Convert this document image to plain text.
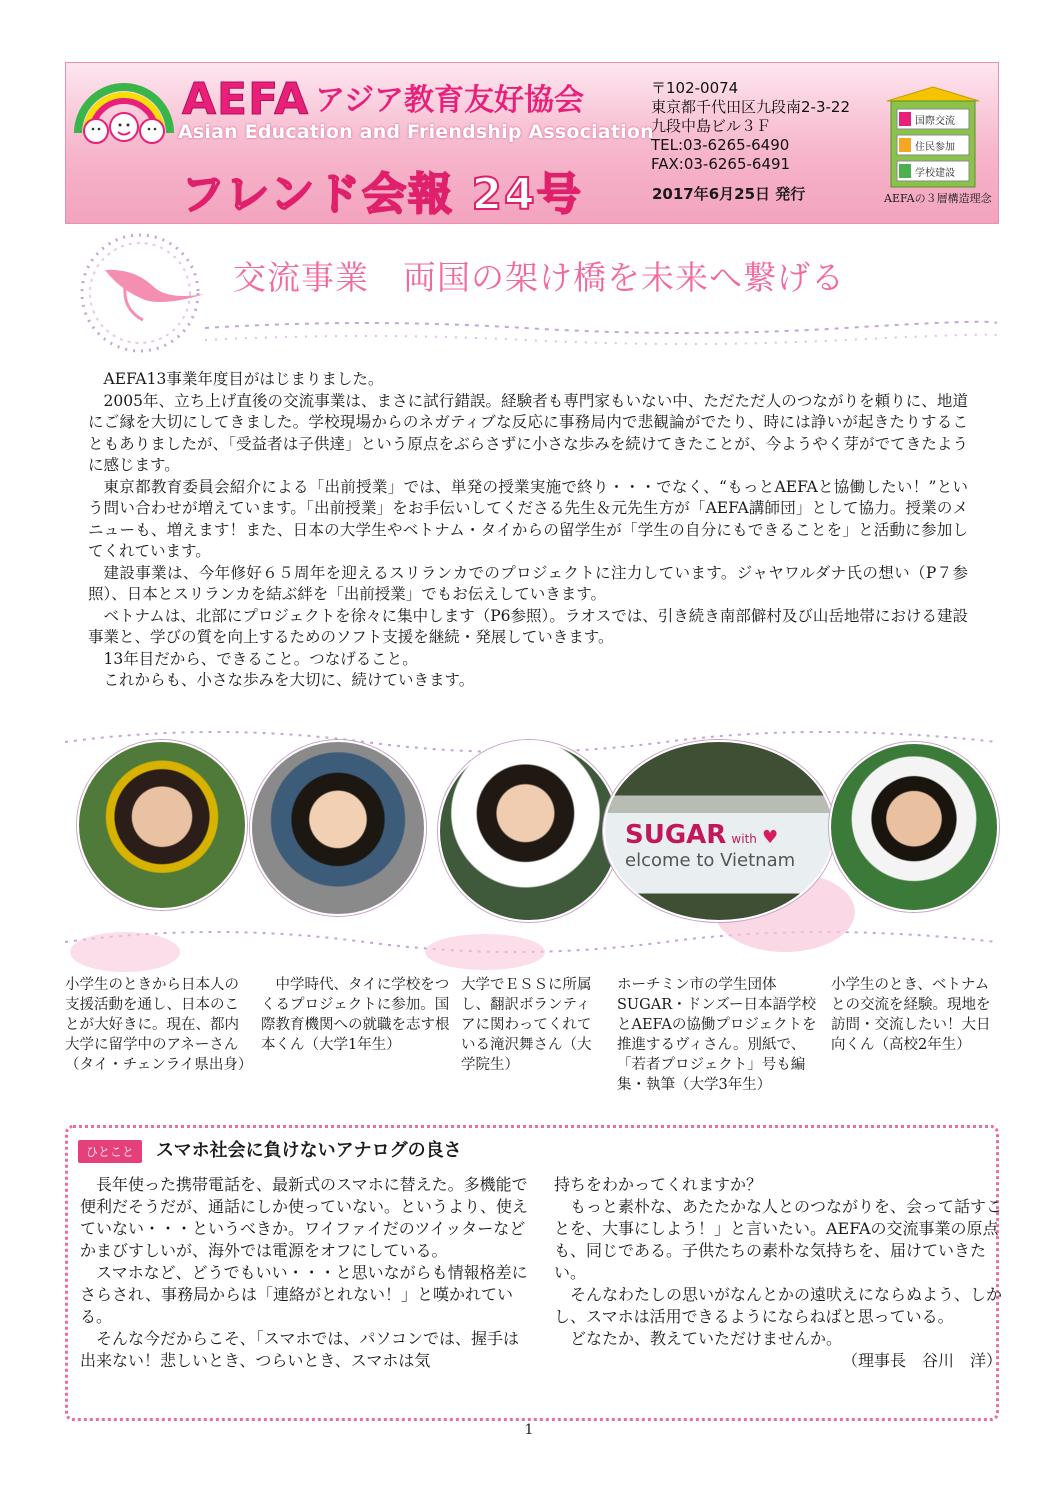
AEFA アジア教育友好協会
Asian Education and Friendship Association
フレンド会報 24号
〒102-0074
東京都千代田区九段南2-3-22
九段中島ビル３Ｆ
TEL:03-6265-6490
FAX:03-6265-6491
2017年6月25日 発行
国際交流
住民参加
学校建設
AEFAの３層構造理念
交流事業　両国の架け橋を未来へ繋げる

AEFA13事業年度目がはじまりました。

2005年、立ち上げ直後の交流事業は、まさに試行錯誤。経験者も専門家もいない中、ただただ人のつながりを頼りに、地道にご縁を大切にしてきました。学校現場からのネガティブな反応に事務局内で悲観論がでたり、時には諍いが起きたりすることもありましたが、「受益者は子供達」という原点をぶらさずに小さな歩みを続けてきたことが、今ようやく芽がでてきたように感じます。

東京都教育委員会紹介による「出前授業」では、単発の授業実施で終り・・・でなく、“もっとAEFAと協働したい！”という問い合わせが増えています。「出前授業」をお手伝いしてくださる先生＆元先生方が「AEFA講師団」として協力。授業のメニューも、増えます！また、日本の大学生やベトナム・タイからの留学生が「学生の自分にもできることを」と活動に参加してくれています。

建設事業は、今年修好６５周年を迎えるスリランカでのプロジェクトに注力しています。ジャヤワルダナ氏の想い（P７参照）、日本とスリランカを結ぶ絆を「出前授業」でもお伝えしていきます。

ベトナムは、北部にプロジェクトを徐々に集中します（P6参照）。ラオスでは、引き続き南部僻村及び山岳地帯における建設事業と、学びの質を向上するためのソフト支援を継続・発展していきます。

13年目だから、できること。つなげること。

これからも、小さな歩みを大切に、続けていきます。

SUGAR with ♥
elcome to Vietnam
小学生のときから日本人の支援活動を通し、日本のことが大好きに。現在、都内大学に留学中のアネーさん（タイ・チェンライ県出身）
中学時代、タイに学校をつくるプロジェクトに参加。国際教育機関への就職を志す根本くん（大学1年生）
大学でＥＳＳに所属し、翻訳ボランティアに関わってくれている滝沢舞さん（大学院生）
ホーチミン市の学生団体SUGAR・ドンズー日本語学校とAEFAの協働プロジェクトを推進するヴィさん。別紙で、「若者プロジェクト」号も編集・執筆（大学3年生）
小学生のとき、ベトナムとの交流を経験。現地を訪問・交流したい！大日向くん（高校2年生）
ひとこと	スマホ社会に負けないアナログの良さ

長年使った携帯電話を、最新式のスマホに替えた。多機能で便利だそうだが、通話にしか使っていない。というより、使えていない・・・というべきか。ワイファイだのツイッターなどかまびすしいが、海外では電源をオフにしている。

スマホなど、どうでもいい・・・と思いながらも情報格差にさらされ、事務局からは「連絡がとれない！」と嘆かれている。

そんな今だからこそ、「スマホでは、パソコンでは、握手は出来ない！悲しいとき、つらいとき、スマホは気

持ちをわかってくれますか？

もっと素朴な、あたたかな人とのつながりを、会って話すことを、大事にしよう！」と言いたい。AEFAの交流事業の原点も、同じである。子供たちの素朴な気持ちを、届けていきたい。

そんなわたしの思いがなんとかの遠吠えにならぬよう、しかし、スマホは活用できるようにならねばと思っている。

どなたか、教えていただけませんか。

（理事長　谷川　洋）
1
